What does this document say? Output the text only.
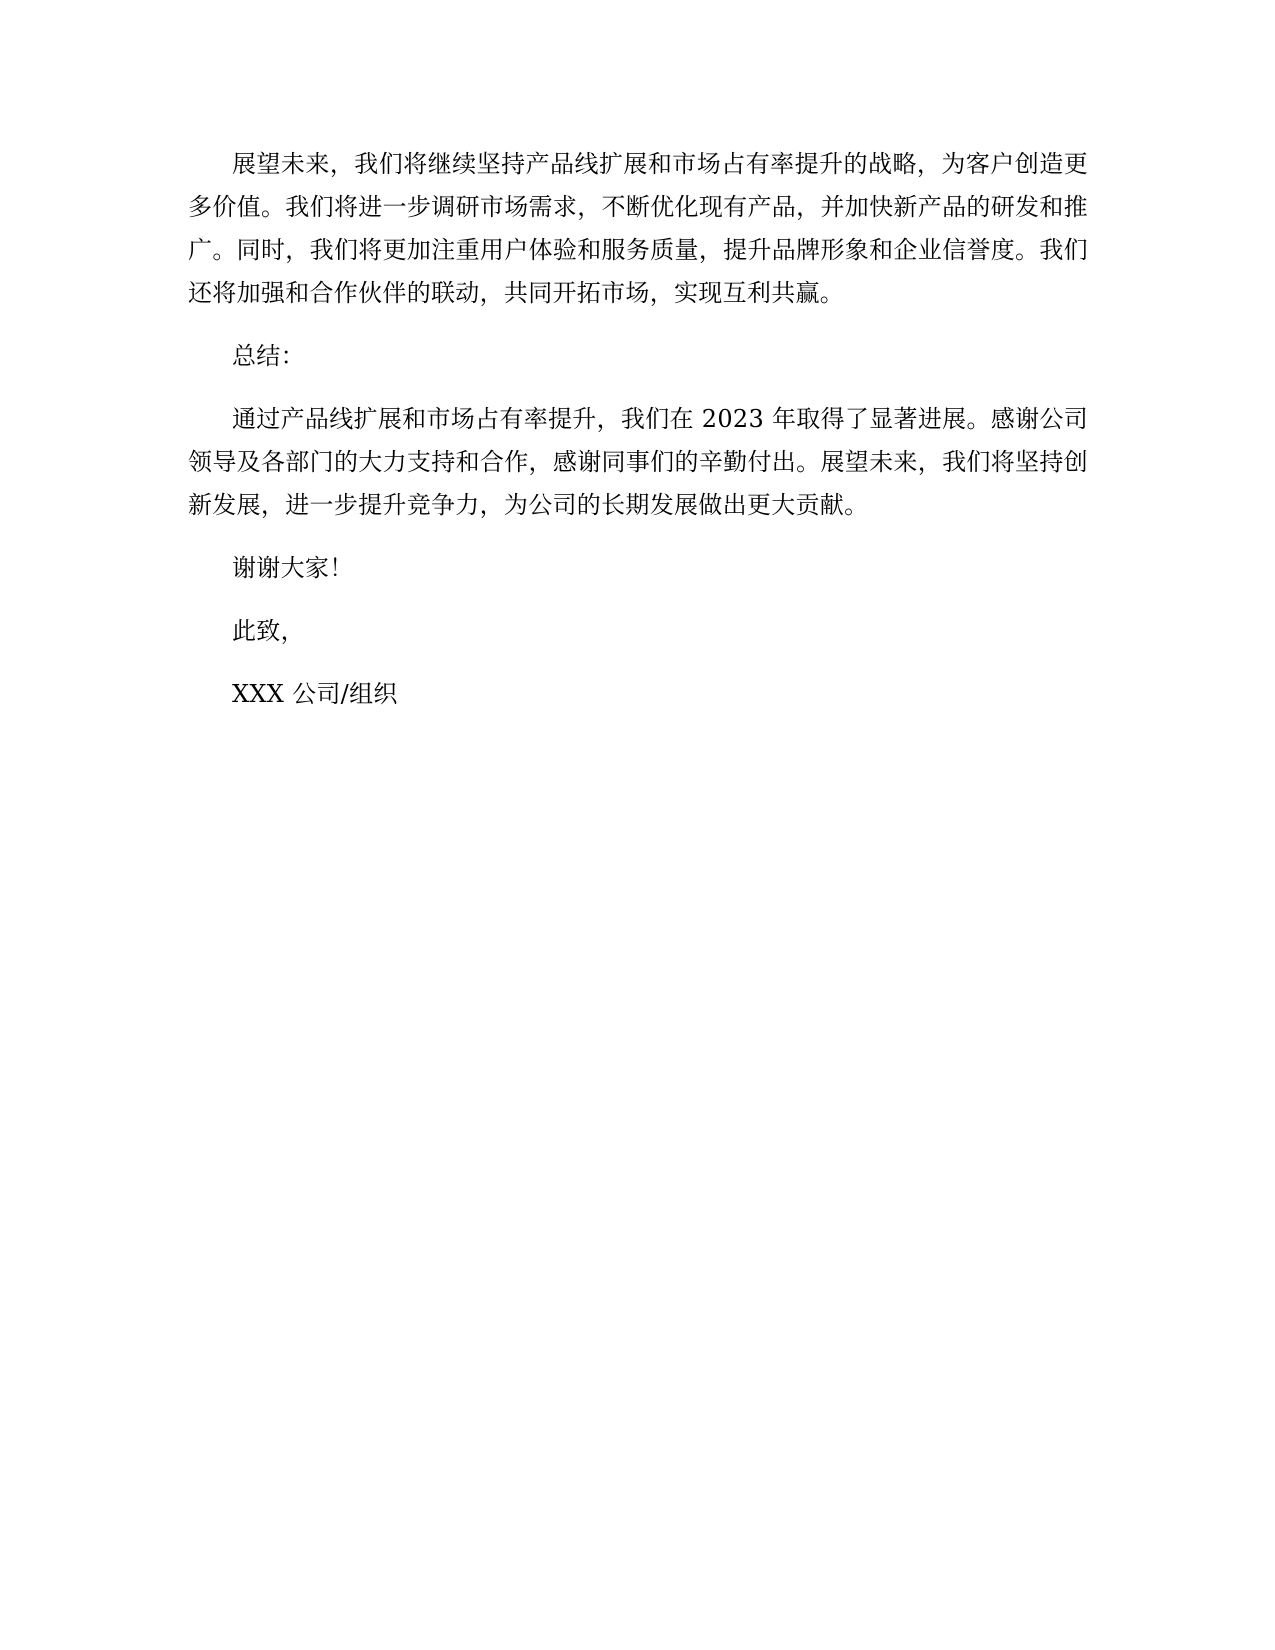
展望未来，我们将继续坚持产品线扩展和市场占有率提升的战略，为客户创造更多价值。我们将进一步调研市场需求，不断优化现有产品，并加快新产品的研发和推广。同时，我们将更加注重用户体验和服务质量，提升品牌形象和企业信誉度。我们还将加强和合作伙伴的联动，共同开拓市场，实现互利共赢。

总结：

通过产品线扩展和市场占有率提升，我们在 2023 年取得了显著进展。感谢公司领导及各部门的大力支持和合作，感谢同事们的辛勤付出。展望未来，我们将坚持创新发展，进一步提升竞争力，为公司的长期发展做出更大贡献。

谢谢大家！

此致，

XXX 公司/组织
